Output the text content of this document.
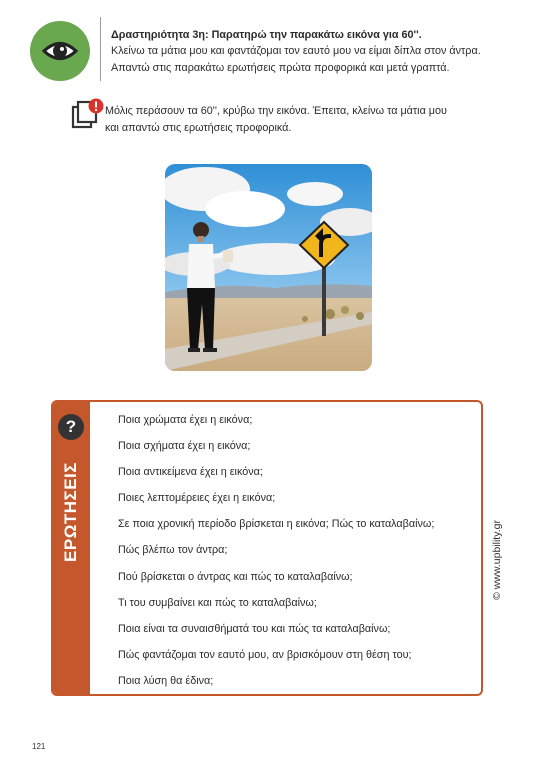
Δραστηριότητα 3η: Παρατηρώ την παρακάτω εικόνα για 60''.
Κλείνω τα μάτια μου και φαντάζομαι τον εαυτό μου να είμαι δίπλα στον άντρα.
Απαντώ στις παρακάτω ερωτήσεις πρώτα προφορικά και μετά γραπτά.
Μόλις περάσουν τα 60'', κρύβω την εικόνα. Έπειτα, κλείνω τα μάτια μου
και απαντώ στις ερωτήσεις προφορικά.
?
ΕΡΩΤΗΣΕΙΣ
Ποια χρώματα έχει η εικόνα;
Ποια σχήματα έχει η εικόνα;
Ποια αντικείμενα έχει η εικόνα;
Ποιες λεπτομέρειες έχει η εικόνα;
Σε ποια χρονική περίοδο βρίσκεται η εικόνα; Πώς το καταλαβαίνω;
Πώς βλέπω τον άντρα;
Πού βρίσκεται ο άντρας και πώς το καταλαβαίνω;
Τι του συμβαίνει και πώς το καταλαβαίνω;
Ποια είναι τα συναισθήματά του και πώς τα καταλαβαίνω;
Πώς φαντάζομαι τον εαυτό μου, αν βρισκόμουν στη θέση του;
Ποια λύση θα έδινα;
© www.upbility.gr
121
